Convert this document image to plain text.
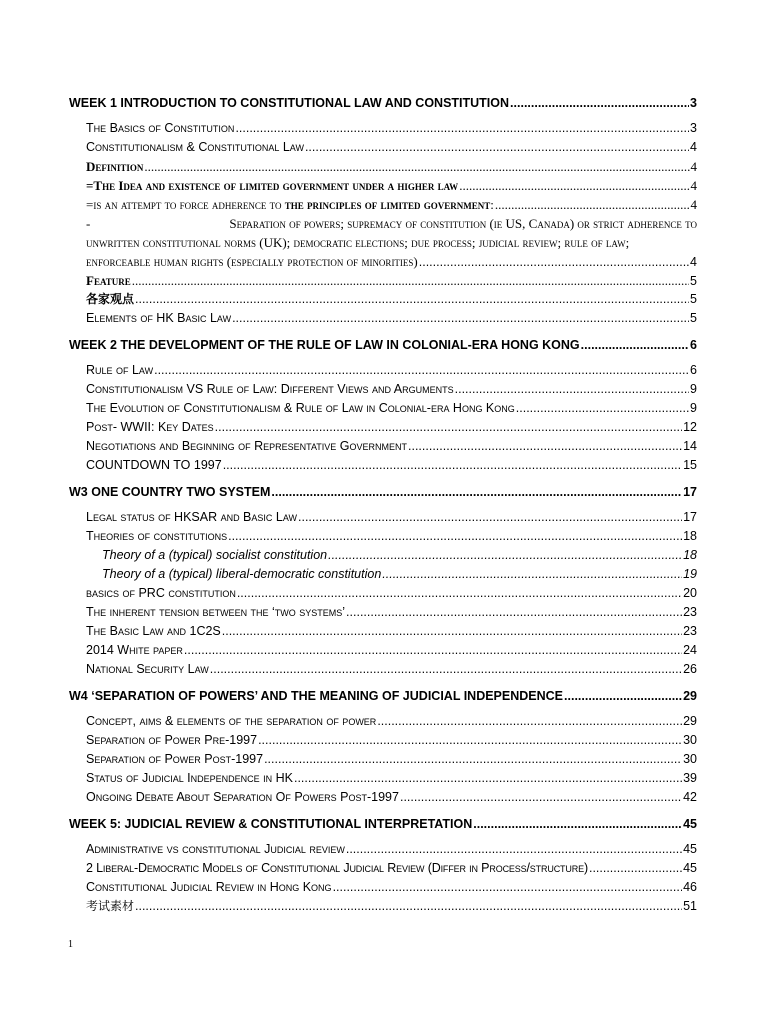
WEEK 1 INTRODUCTION TO CONSTITUTIONAL LAW AND CONSTITUTION .....	3
The Basics of Constitution .....	3
Constitutionalism & Constitutional Law .....	4
Definition .....	4
=The Idea and existence of limited government under a higher law .....	4
=is an attempt to force adherence to the principles of limited government: .....	4
-	Separation of powers; supremacy of constitution (ie US, Canada) or strict adherence to
unwritten constitutional norms (UK); democratic elections; due process; judicial review; rule of law;
enforceable human rights (especially protection of minorities) .....	4
Feature .....	5
各家观点 .....	5
Elements of HK Basic Law .....	5
WEEK 2 THE DEVELOPMENT OF THE RULE OF LAW IN COLONIAL-ERA HONG KONG .....	6
Rule of Law .....	6
Constitutionalism VS Rule of Law: Different Views and Arguments .....	9
The Evolution of Constitutionalism & Rule of Law in Colonial-era Hong Kong .....	9
Post- WWII: Key Dates .....	12
Negotiations and Beginning of Representative Government .....	14
COUNTDOWN TO 1997 .....	15
W3 ONE COUNTRY TWO SYSTEM .....	17
Legal status of HKSAR and Basic Law .....	17
Theories of constitutions .....	18
Theory of a (typical) socialist constitution .....	18
Theory of a (typical) liberal-democratic constitution .....	19
basics of PRC constitution .....	20
The inherent tension between the ‘two systems’ .....	23
The Basic Law and 1C2S .....	23
2014 White paper .....	24
National Security Law .....	26
W4 ‘SEPARATION OF POWERS’ AND THE MEANING OF JUDICIAL INDEPENDENCE .....	29
Concept, aims & elements of the separation of power .....	29
Separation of Power Pre-1997 .....	30
Separation of Power Post-1997 .....	30
Status of Judicial Independence in HK .....	39
Ongoing Debate About Separation Of Powers Post-1997 .....	42
WEEK 5: JUDICIAL REVIEW & CONSTITUTIONAL INTERPRETATION .....	45
Administrative vs constitutional Judicial review .....	45
2 Liberal-Democratic Models of Constitutional Judicial Review (Differ in Process/structure) .....	45
Constitutional Judicial Review in Hong Kong .....	46
考试素材 .....	51
1
